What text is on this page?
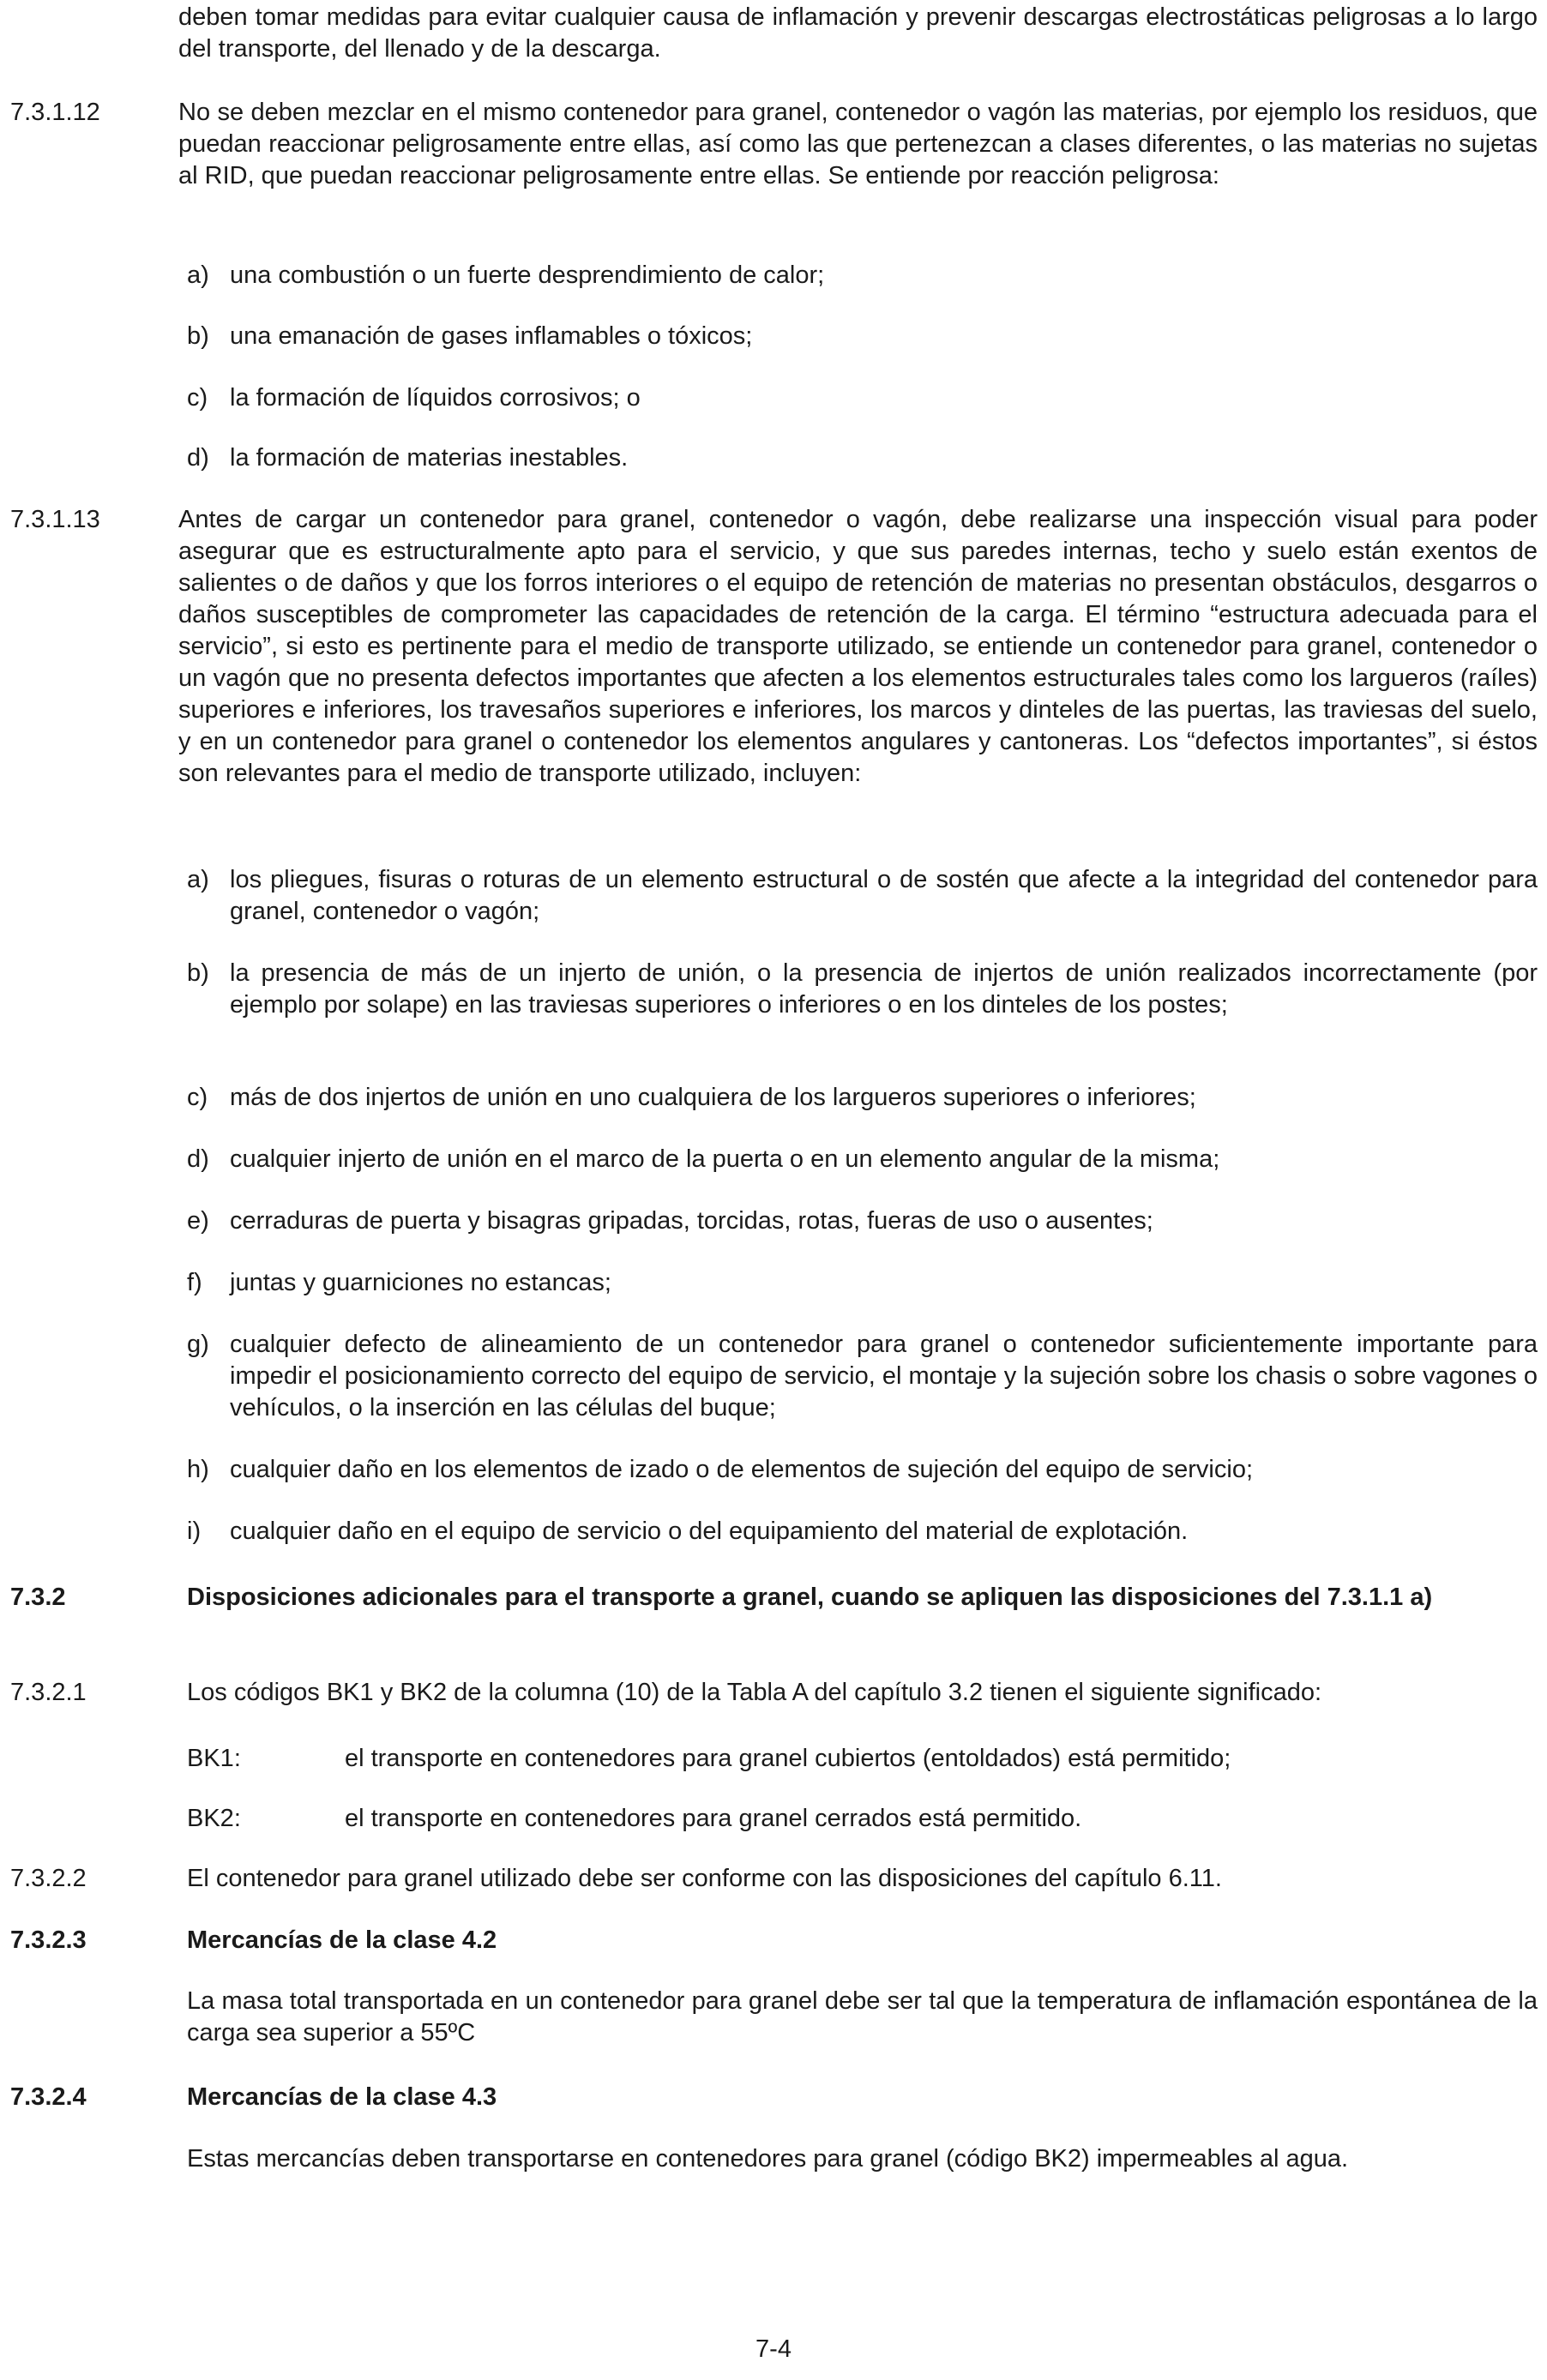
deben tomar medidas para evitar cualquier causa de inflamación y prevenir descargas electrostáticas peligrosas a lo largo del transporte, del llenado y de la descarga.
7.3.1.12	No se deben mezclar en el mismo contenedor para granel, contenedor o vagón las materias, por ejemplo los residuos, que puedan reaccionar peligrosamente entre ellas, así como las que pertenezcan a clases diferentes, o las materias no sujetas al RID, que puedan reaccionar peligrosamente entre ellas. Se entiende por reacción peligrosa:
a) una combustión o un fuerte desprendimiento de calor;
b) una emanación de gases inflamables o tóxicos;
c) la formación de líquidos corrosivos; o
d) la formación de materias inestables.
7.3.1.13	Antes de cargar un contenedor para granel, contenedor o vagón, debe realizarse una inspección visual para poder asegurar que es estructuralmente apto para el servicio, y que sus paredes internas, techo y suelo están exentos de salientes o de daños y que los forros interiores o el equipo de retención de materias no presentan obstáculos, desgarros o daños susceptibles de comprometer las capacidades de retención de la carga. El término “estructura adecuada para el servicio”, si esto es pertinente para el medio de transporte utilizado, se entiende un contenedor para granel, contenedor o un vagón que no presenta defectos importantes que afecten a los elementos estructurales tales como los largueros (raíles) superiores e inferiores, los travesaños superiores e inferiores, los marcos y dinteles de las puertas, las traviesas del suelo, y en un contenedor para granel o contenedor los elementos angulares y cantoneras. Los “defectos importantes”, si éstos son relevantes para el medio de transporte utilizado, incluyen:
a) los pliegues, fisuras o roturas de un elemento estructural o de sostén que afecte a la integridad del contenedor para granel, contenedor o vagón;
b) la presencia de más de un injerto de unión, o la presencia de injertos de unión realizados incorrectamente (por ejemplo por solape) en las traviesas superiores o inferiores o en los dinteles de los postes;
c) más de dos injertos de unión en uno cualquiera de los largueros superiores o inferiores;
d) cualquier injerto de unión en el marco de la puerta o en un elemento angular de la misma;
e) cerraduras de puerta y bisagras gripadas, torcidas, rotas, fueras de uso o ausentes;
f)	juntas y guarniciones no estancas;
g) cualquier defecto de alineamiento de un contenedor para granel o contenedor suficientemente importante para impedir el posicionamiento correcto del equipo de servicio, el montaje y la sujeción sobre los chasis o sobre vagones o vehículos, o la inserción en las células del buque;
h) cualquier daño en los elementos de izado o de elementos de sujeción del equipo de servicio;
i)	cualquier daño en el equipo de servicio o del equipamiento del material de explotación.
7.3.2	Disposiciones adicionales para el transporte a granel, cuando se apliquen las disposiciones del 7.3.1.1 a)
7.3.2.1	Los códigos BK1 y BK2 de la columna (10) de la Tabla A del capítulo 3.2 tienen el siguiente significado:
BK1:	el transporte en contenedores para granel cubiertos (entoldados) está permitido;
BK2:	el transporte en contenedores para granel cerrados está permitido.
7.3.2.2	El contenedor para granel utilizado debe ser conforme con las disposiciones del capítulo 6.11.
7.3.2.3	Mercancías de la clase 4.2
La masa total transportada en un contenedor para granel debe ser tal que la temperatura de inflamación espontánea de la carga sea superior a 55ºC
7.3.2.4	Mercancías de la clase 4.3
Estas mercancías deben transportarse en contenedores para granel (código BK2) impermeables al agua.
7-4
